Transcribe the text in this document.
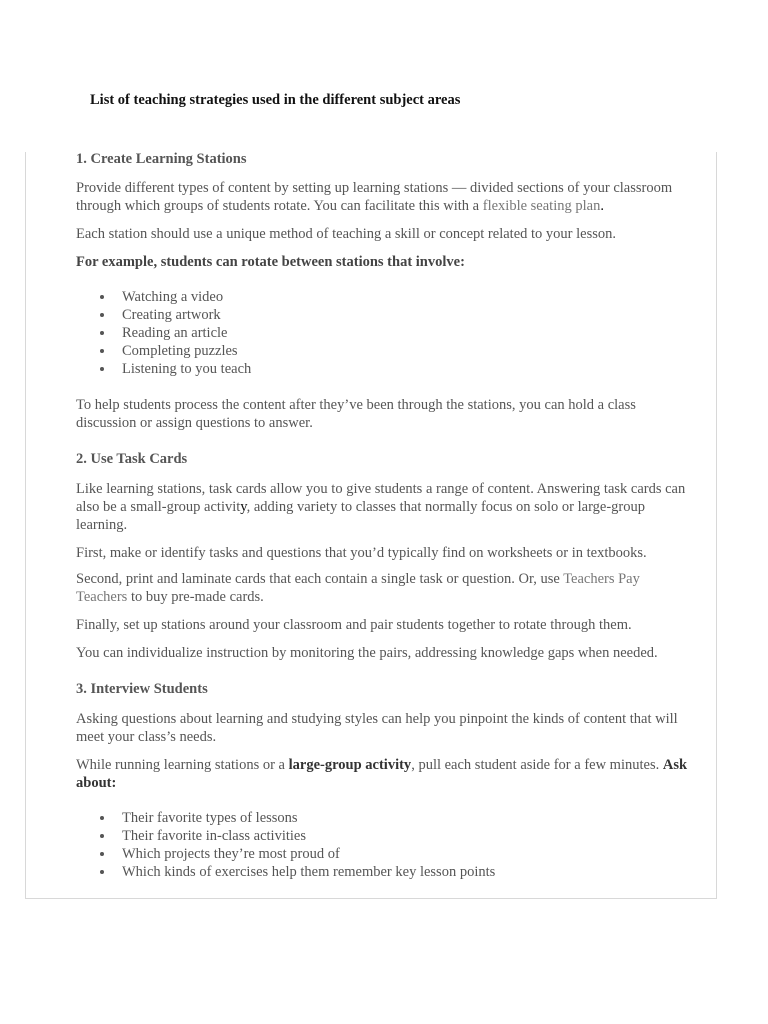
List of teaching strategies used in the different subject areas
1. Create Learning Stations

Provide different types of content by setting up learning stations — divided sections of your classroom through which groups of students rotate. You can facilitate this with a flexible seating plan.

Each station should use a unique method of teaching a skill or concept related to your lesson.

For example, students can rotate between stations that involve:

Watching a video
Creating artwork
Reading an article
Completing puzzles
Listening to you teach

To help students process the content after they’ve been through the stations, you can hold a class discussion or assign questions to answer.

2. Use Task Cards

Like learning stations, task cards allow you to give students a range of content. Answering task cards can also be a small-group activity, adding variety to classes that normally focus on solo or large-group learning.

First, make or identify tasks and questions that you’d typically find on worksheets or in textbooks.

Second, print and laminate cards that each contain a single task or question. Or, use Teachers Pay Teachers to buy pre-made cards.

Finally, set up stations around your classroom and pair students together to rotate through them.

You can individualize instruction by monitoring the pairs, addressing knowledge gaps when needed.

3. Interview Students

Asking questions about learning and studying styles can help you pinpoint the kinds of content that will meet your class’s needs.

While running learning stations or a large-group activity, pull each student aside for a few minutes. Ask about:

Their favorite types of lessons
Their favorite in-class activities
Which projects they’re most proud of
Which kinds of exercises help them remember key lesson points
